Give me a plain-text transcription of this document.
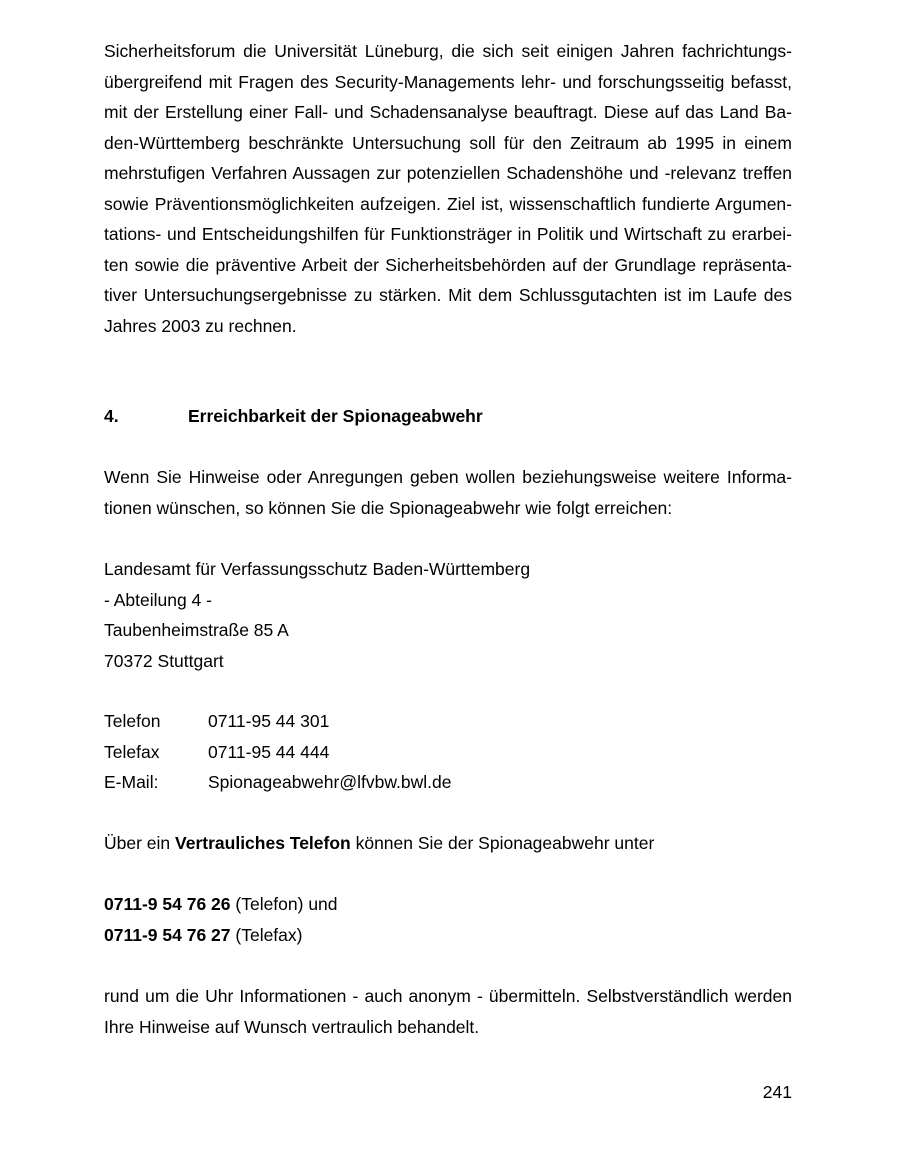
Sicherheitsforum die Universität Lüneburg, die sich seit einigen Jahren fachrichtungs-
übergreifend mit Fragen des Security-Managements lehr- und forschungsseitig befasst,
mit der Erstellung einer Fall- und Schadensanalyse beauftragt. Diese auf das Land Ba-
den-Württemberg beschränkte Untersuchung soll für den Zeitraum ab 1995 in einem
mehrstufigen Verfahren Aussagen zur potenziellen Schadenshöhe und -relevanz treffen
sowie Präventionsmöglichkeiten aufzeigen. Ziel ist, wissenschaftlich fundierte Argumen-
tations- und Entscheidungshilfen für Funktionsträger in Politik und Wirtschaft zu erarbei-
ten sowie die präventive Arbeit der Sicherheitsbehörden auf der Grundlage repräsenta-
tiver Untersuchungsergebnisse zu stärken. Mit dem Schlussgutachten ist im Laufe des
Jahres 2003 zu rechnen.
4.	Erreichbarkeit der Spionageabwehr
Wenn Sie Hinweise oder Anregungen geben wollen beziehungsweise weitere Informa-
tionen wünschen, so können Sie die Spionageabwehr wie folgt erreichen:
Landesamt für Verfassungsschutz Baden-Württemberg
- Abteilung 4 -
Taubenheimstraße 85 A
70372 Stuttgart
Telefon	0711-95 44 301
Telefax	0711-95 44 444
E-Mail:	Spionageabwehr@lfvbw.bwl.de
Über ein Vertrauliches Telefon können Sie der Spionageabwehr unter
0711-9 54 76 26 (Telefon) und
0711-9 54 76 27 (Telefax)
rund um die Uhr Informationen - auch anonym - übermitteln. Selbstverständlich werden
Ihre Hinweise auf Wunsch vertraulich behandelt.
241
